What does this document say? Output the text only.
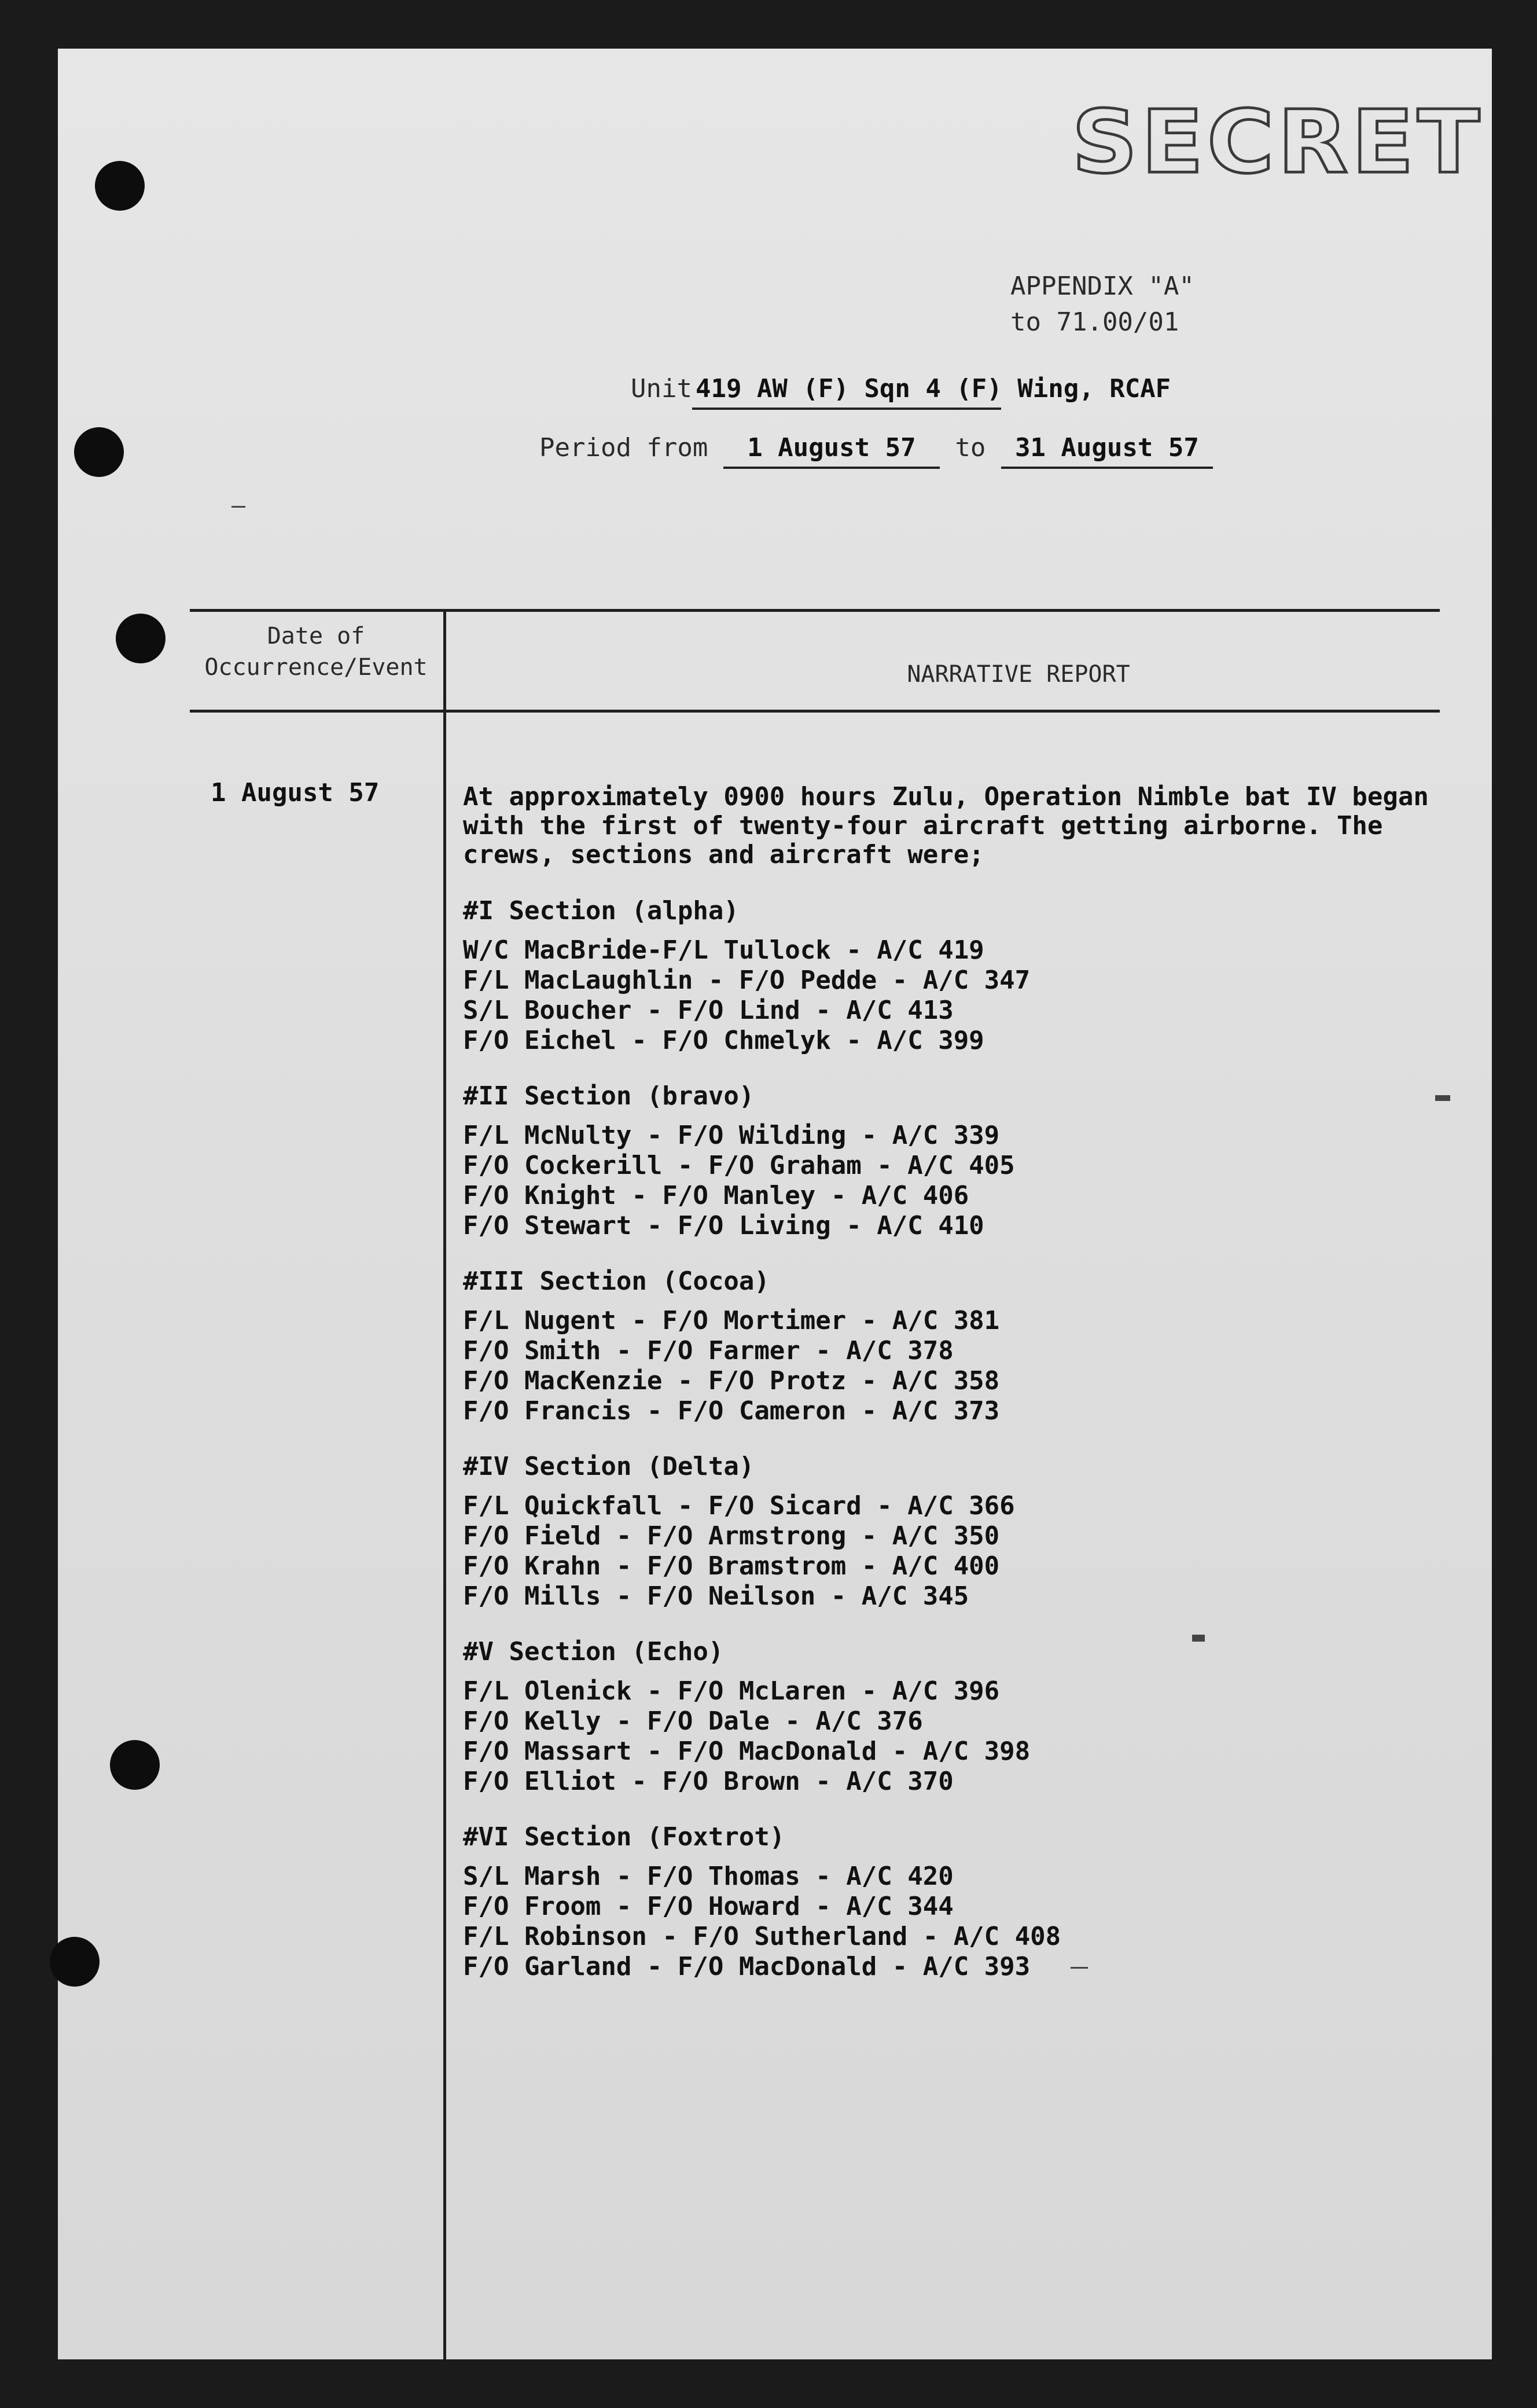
SECRET
APPENDIX "A"
to 71.00/01
Unit 419 AW (F) Sqn 4 (F) Wing, RCAF
Period from 1 August 57 to 31 August 57
Date of
Occurrence/Event	NARRATIVE REPORT
1 August 57	At approximately 0900 hours Zulu, Operation Nimble bat IV began
with the first of twenty-four aircraft getting airborne. The
crews, sections and aircraft were;
#I Section (alpha)
W/C MacBride-F/L Tullock - A/C 419
F/L MacLaughlin - F/O Pedde - A/C 347
S/L Boucher - F/O Lind - A/C 413
F/O Eichel - F/O Chmelyk - A/C 399
#II Section (bravo)
F/L McNulty - F/O Wilding - A/C 339
F/O Cockerill - F/O Graham - A/C 405
F/O Knight - F/O Manley - A/C 406
F/O Stewart - F/O Living - A/C 410
#III Section (Cocoa)
F/L Nugent - F/O Mortimer - A/C 381
F/O Smith - F/O Farmer - A/C 378
F/O MacKenzie - F/O Protz - A/C 358
F/O Francis - F/O Cameron - A/C 373
#IV Section (Delta)
F/L Quickfall - F/O Sicard - A/C 366
F/O Field - F/O Armstrong - A/C 350
F/O Krahn - F/O Bramstrom - A/C 400
F/O Mills - F/O Neilson - A/C 345
#V Section (Echo)
F/L Olenick - F/O McLaren - A/C 396
F/O Kelly - F/O Dale - A/C 376
F/O Massart - F/O MacDonald - A/C 398
F/O Elliot - F/O Brown - A/C 370
#VI Section (Foxtrot)
S/L Marsh - F/O Thomas - A/C 420
F/O Froom - F/O Howard - A/C 344
F/L Robinson - F/O Sutherland - A/C 408
F/O Garland - F/O MacDonald - A/C 393
